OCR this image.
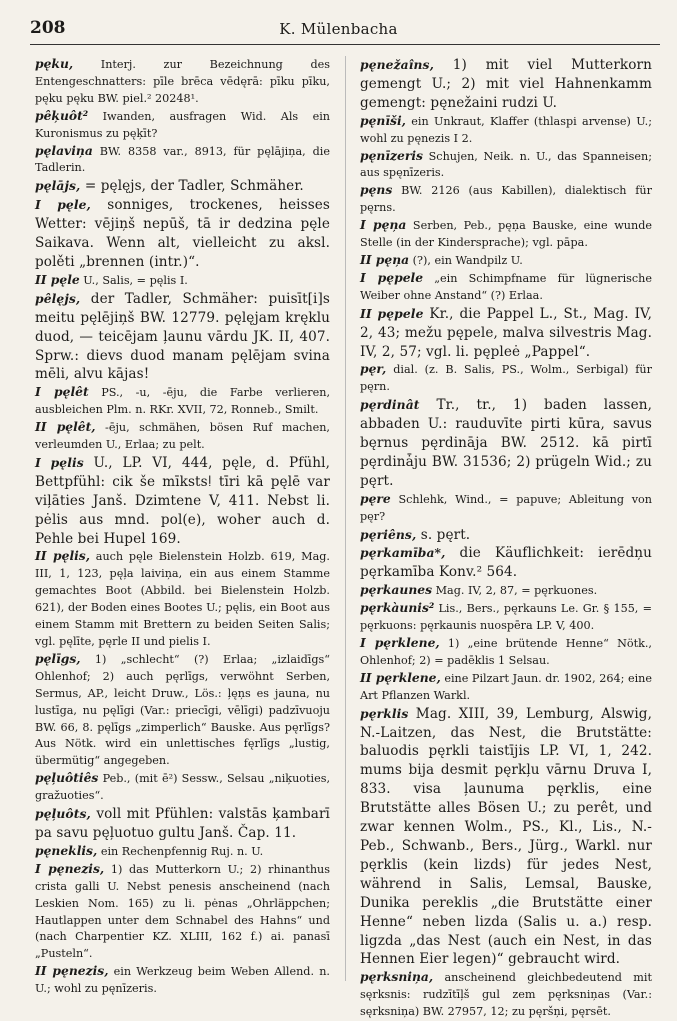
208	K. Mülenbacha

pęku, Interj. zur Bezeichnung des Entengeschnatters: pīle brēca vēdęrā: pīku pīku, pęku pęku BW. piel.² 20248¹.

pêķuôt² Iwanden, ausfragen Wid. Als ein Kuronismus zu pęķīt?

pęlaviņa BW. 8358 var., 8913, für pęlājiņa, die Tadlerin.

pęlājs, = pęlęjs, der Tadler, Schmäher.

I pęle, sonniges, trockenes, heisses Wetter: vējiņš nepūš, tā ir dedzina pęle Saikava. Wenn alt, vielleicht zu aksl. polěti „brennen (intr.)“.

II pęle U., Salis, = pęlis I.

pêlęjs, der Tadler, Schmäher: puisīt[i]s meitu pęlējiņš BW. 12779. pęlęjam kręklu duod, — teicējam ļaunu vārdu JK. II, 407. Sprw.: dievs duod manam pęlējam svina mēli, alvu kājas!

I pęlêt PS., -u, -ēju, die Farbe verlieren, ausbleichen Plm. n. RKr. XVII, 72, Ronneb., Smilt.

II pęlêt, -ēju, schmähen, bösen Ruf machen, verleumden U., Erlaa; zu pelt.

I pęlis U., LP. VI, 444, pęle, d. Pfühl, Bettpfühl: cik še mīkstsǃ tīri kā pęlē var viļāties Janš. Dzimtene V, 411. Nebst li. pėlis aus mnd. pol(e), woher auch d. Pehle bei Hupel 169.

II pęlis, auch pęle Bielenstein Holzb. 619, Mag. III, 1, 123, pęļa laiviņa, ein aus einem Stamme gemachtes Boot (Abbild. bei Bielenstein Holzb. 621), der Boden eines Bootes U.; pęlis, ein Boot aus einem Stamm mit Brettern zu beiden Seiten Salis; vgl. pęlīte, pęrle II und pielis I.

pęlīgs, 1) „schlecht“ (?) Erlaa; „izlaidīgs“ Ohlenhof; 2) auch pęrlīgs, verwöhnt Serben, Sermus, AP., leicht Druw., Lös.: ļęņs es jauna, nu lustīga, nu pęlīgi (Var.: priecīgi, vēlīgi) padzīvuoju BW. 66, 8. pęlīgs „zimperlich“ Bauske. Aus pęrlīgs? Aus Nötk. wird ein unlettisches fęrlīgs „lustig, übermütig“ angegeben.

pęļuôtiês Peb., (mit ē²) Sessw., Selsau „niķuoties, gražuoties“.

pęļuôts, voll mit Pfühlen: valstās ķambarī pa savu pęļuotuo gultu Janš. Čap. 11.

pęneklis, ein Rechenpfennig Ruj. n. U.

I pęnezis, 1) das Mutterkorn U.; 2) rhinanthus crista galli U. Nebst penesis anscheinend (nach Leskien Nom. 165) zu li. pėnas „Ohrläppchen; Hautlappen unter dem Schnabel des Hahns“ und (nach Charpentier KZ. XLIII, 162 f.) ai. panasī „Pusteln“.

II pęnezis, ein Werkzeug beim Weben Allend. n. U.; wohl zu pęnīzeris.

pęnežaîns, 1) mit viel Mutterkorn gemengt U.; 2) mit viel Hahnenkamm gemengt: pęnežaini rudzi U.

pęnīši, ein Unkraut, Klaffer (thlaspi arvense) U.; wohl zu pęnezis I 2.

pęnīzeris Schujen, Neik. n. U., das Spanneisen; aus spęnīzeris.

pęns BW. 2126 (aus Kabillen), dialektisch für pęrns.

I pęņa Serben, Peb., pęņa Bauske, eine wunde Stelle (in der Kindersprache); vgl. pāpa.

II pęņa (?), ein Wandpilz U.

I pępele „ein Schimpfname für lügnerische Weiber ohne Anstand“ (?) Erlaa.

II pępele Kr., die Pappel L., St., Mag. IV, 2, 43; mežu pępele, malva silvestris Mag. IV, 2, 57; vgl. li. pępleė „Pappel“.

pęr, dial. (z. B. Salis, PS., Wolm., Serbigal) für pęrn.

pęrdinât Tr., tr., 1) baden lassen, abbaden U.: rauduvīte pirti kūra, savus bęrnus pęrdināja BW. 2512. kā pirtī pęrdinǡju BW. 31536; 2) prügeln Wid.; zu pęrt.

pęre Schlehk, Wind., = papuve; Ableitung von pęr?

pęriêns, s. pęrt.

pęrkamība*, die Käuflichkeit: ierēdņu pęrkamība Konv.² 564.

pęrkaunes Mag. IV, 2, 87, = pęrkuones.

pęrkàunis² Lis., Bers., pęrkauns Le. Gr. § 155, = pęrkuons: pęrkaunis nuospēra LP. V, 400.

I pęrklene, 1) „eine brütende Henne“ Nötk., Ohlenhof; 2) = padēklis 1 Selsau.

II pęrklene, eine Pilzart Jaun. dr. 1902, 264; eine Art Pflanzen Warkl.

pęrklis Mag. XIII, 39, Lemburg, Alswig, N.-Laitzen, das Nest, die Brutstätte: baluodis pęrkli taistījis LP. VI, 1, 242. mums bija desmit pęrkļu vārnu Druva I, 833. visa ļaunuma pęrklis, eine Brutstätte alles Bösen U.; zu perêt, und zwar kennen Wolm., PS., Kl., Lis., N.-Peb., Schwanb., Bers., Jürg., Warkl. nur pęrklis (kein lizds) für jedes Nest, während in Salis, Lemsal, Bauske, Dunika pereklis „die Brutstätte einer Henne“ neben lizda (Salis u. a.) resp. ligzda „das Nest (auch ein Nest, in das Hennen Eier legen)“ gebraucht wird.

pęrksniņa, anscheinend gleichbedeutend mit sęrksnis: rudzītīļš gul zem pęrksniņas (Var.: sęrksniņa) BW. 27957, 12; zu pęršņi, pęrsēt.
